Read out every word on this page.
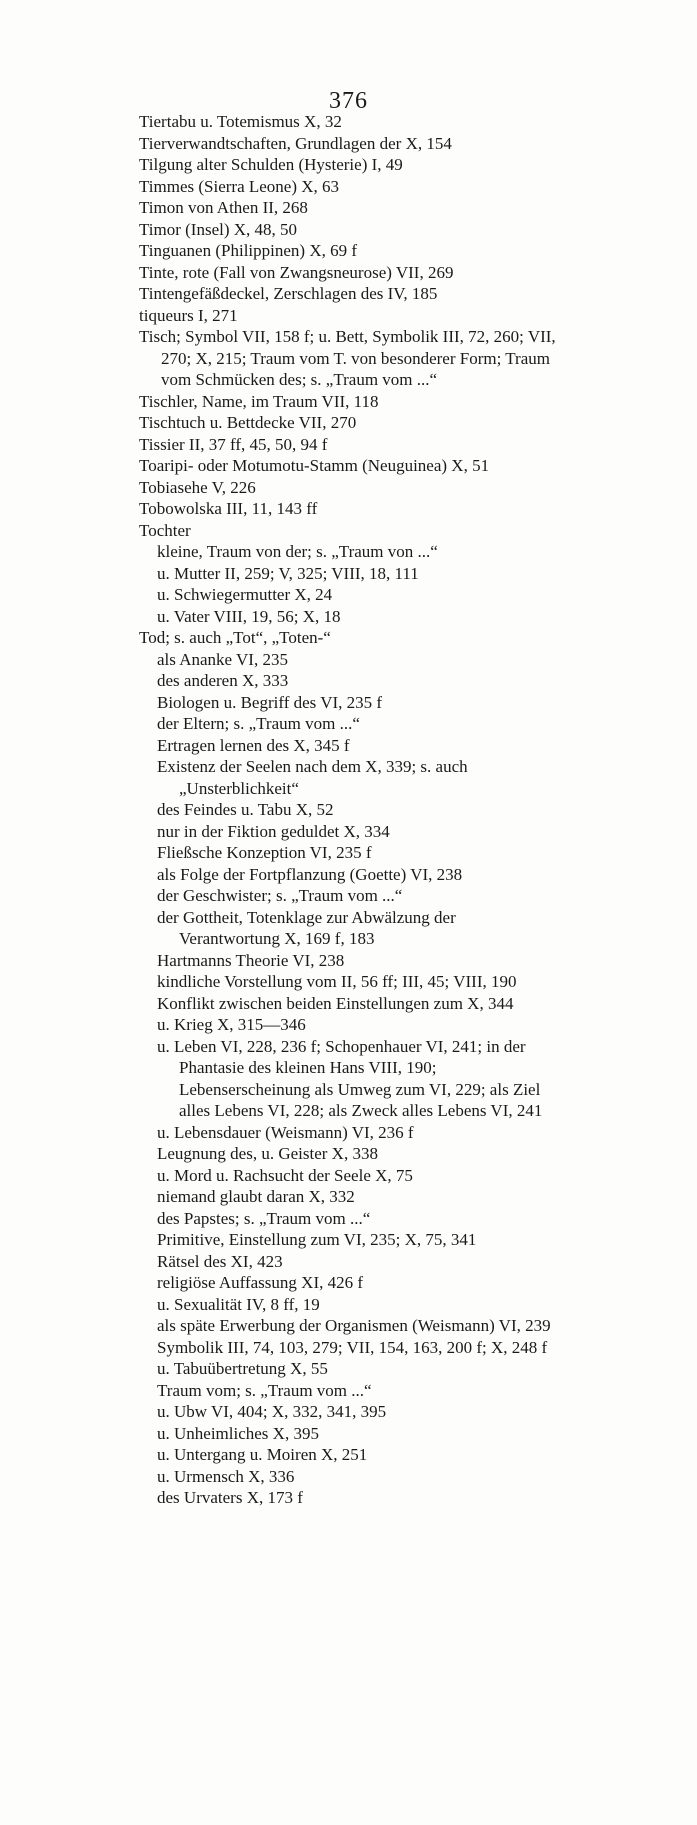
376

Tiertabu u. Totemismus X, 32

Tierverwandtschaften, Grundlagen der X, 154

Tilgung alter Schulden (Hysterie) I, 49

Timmes (Sierra Leone) X, 63

Timon von Athen II, 268

Timor (Insel) X, 48, 50

Tinguanen (Philippinen) X, 69 f

Tinte, rote (Fall von Zwangsneurose) VII, 269

Tintengefäßdeckel, Zerschlagen des IV, 185

tiqueurs I, 271

Tisch; Symbol VII, 158 f; u. Bett, Symbolik III, 72, 260; VII, 270; X, 215; Traum vom T. von besonderer Form; Traum vom Schmücken des; s. „Traum vom ...“

Tischler, Name, im Traum VII, 118

Tischtuch u. Bettdecke VII, 270

Tissier II, 37 ff, 45, 50, 94 f

Toaripi- oder Motumotu-Stamm (Neuguinea) X, 51

Tobiasehe V, 226

Tobowolska III, 11, 143 ff

Tochter

kleine, Traum von der; s. „Traum von ...“

u. Mutter II, 259; V, 325; VIII, 18, 111

u. Schwiegermutter X, 24

u. Vater VIII, 19, 56; X, 18

Tod; s. auch „Tot“, „Toten-“

als Ananke VI, 235

des anderen X, 333

Biologen u. Begriff des VI, 235 f

der Eltern; s. „Traum vom ...“

Ertragen lernen des X, 345 f

Existenz der Seelen nach dem X, 339; s. auch „Unsterblichkeit“

des Feindes u. Tabu X, 52

nur in der Fiktion geduldet X, 334

Fließsche Konzeption VI, 235 f

als Folge der Fortpflanzung (Goette) VI, 238

der Geschwister; s. „Traum vom ...“

der Gottheit, Totenklage zur Abwälzung der Verantwortung X, 169 f, 183

Hartmanns Theorie VI, 238

kindliche Vorstellung vom II, 56 ff; III, 45; VIII, 190

Konflikt zwischen beiden Einstellungen zum X, 344

u. Krieg X, 315—346

u. Leben VI, 228, 236 f; Schopenhauer VI, 241; in der Phantasie des kleinen Hans VIII, 190; Lebenserscheinung als Umweg zum VI, 229; als Ziel alles Lebens VI, 228; als Zweck alles Lebens VI, 241

u. Lebensdauer (Weismann) VI, 236 f

Leugnung des, u. Geister X, 338

u. Mord u. Rachsucht der Seele X, 75

niemand glaubt daran X, 332

des Papstes; s. „Traum vom ...“

Primitive, Einstellung zum VI, 235; X, 75, 341

Rätsel des XI, 423

religiöse Auffassung XI, 426 f

u. Sexualität IV, 8 ff, 19

als späte Erwerbung der Organismen (Weismann) VI, 239

Symbolik III, 74, 103, 279; VII, 154, 163, 200 f; X, 248 f

u. Tabuübertretung X, 55

Traum vom; s. „Traum vom ...“

u. Ubw VI, 404; X, 332, 341, 395

u. Unheimliches X, 395

u. Untergang u. Moiren X, 251

u. Urmensch X, 336

des Urvaters X, 173 f
